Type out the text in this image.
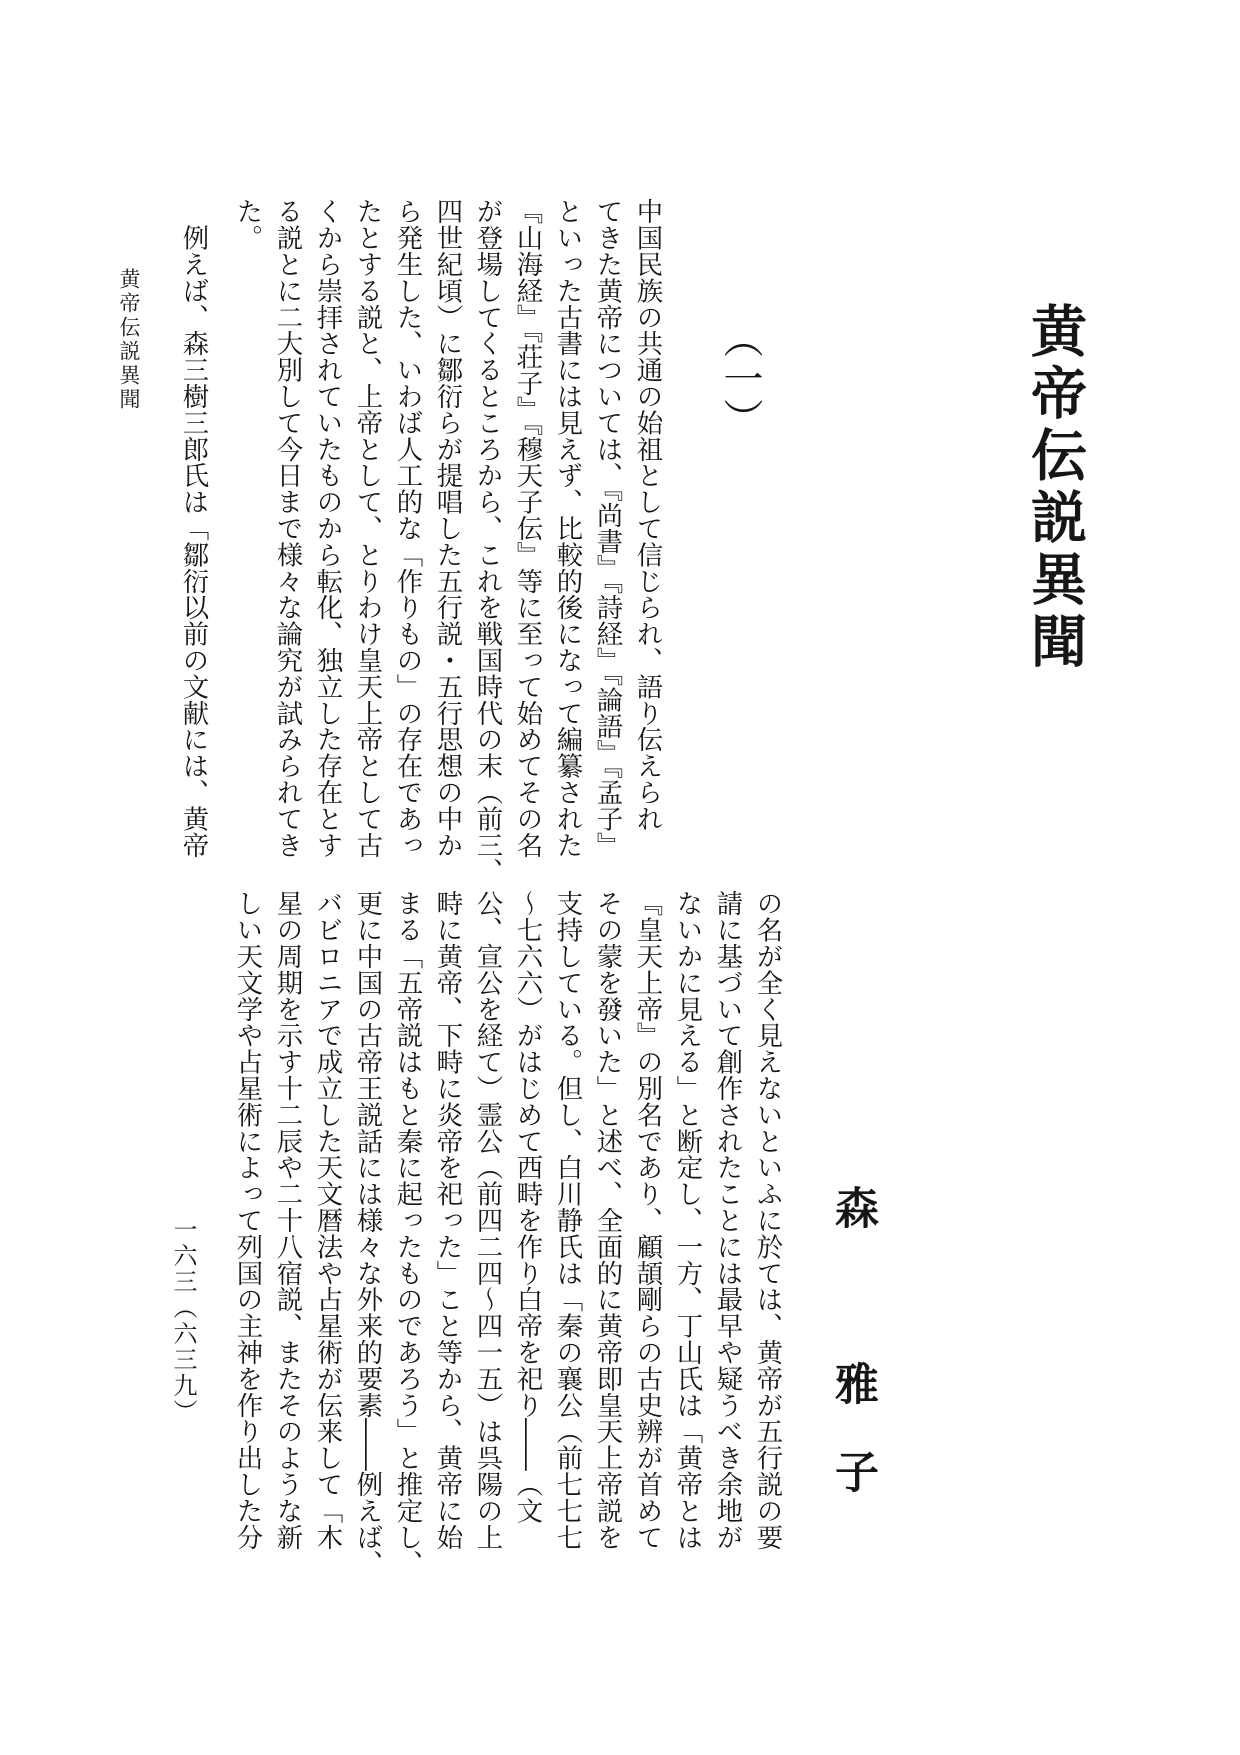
黄帝伝説異聞
森　雅子
（一）
中国民族の共通の始祖として信じられ、語り伝えられ
てきた黄帝については、『尚書』『詩経』『論語』『孟子』
といった古書には見えず、比較的後になって編纂された
『山海経』『荘子』『穆天子伝』等に至って始めてその名
が登場してくるところから、これを戦国時代の末（前三、
四世紀頃）に鄒衍らが提唱した五行説・五行思想の中か
ら発生した、いわば人工的な「作りもの」の存在であっ
たとする説と、上帝として、とりわけ皇天上帝として古
くから崇拝されていたものから転化、独立した存在とす
る説とに二大別して今日まで様々な論究が試みられてき
た。
　例えば、森三樹三郎氏は「鄒衍以前の文献には、黄帝
の名が全く見えないといふに於ては、黄帝が五行説の要
請に基づいて創作されたことには最早や疑うべき余地が
ないかに見える」と断定し、一方、丁山氏は「黄帝とは
『皇天上帝』の別名であり、顧頡剛らの古史辨が首めて
その蒙を發いた」と述べ、全面的に黄帝即皇天上帝説を
支持している。但し、白川静氏は「秦の襄公（前七七七
〜七六六）がはじめて西畤を作り白帝を祀り――（文
公、宣公を経て）霊公（前四二四〜四一五）は呉陽の上
畤に黄帝、下畤に炎帝を祀った」こと等から、黄帝に始
まる「五帝説はもと秦に起ったものであろう」と推定し、
更に中国の古帝王説話には様々な外来的要素――例えば、
バビロニアで成立した天文暦法や占星術が伝来して「木
星の周期を示す十二辰や二十八宿説、またそのような新
しい天文学や占星術によって列国の主神を作り出した分
黄帝伝説異聞
一六三（六三九）
